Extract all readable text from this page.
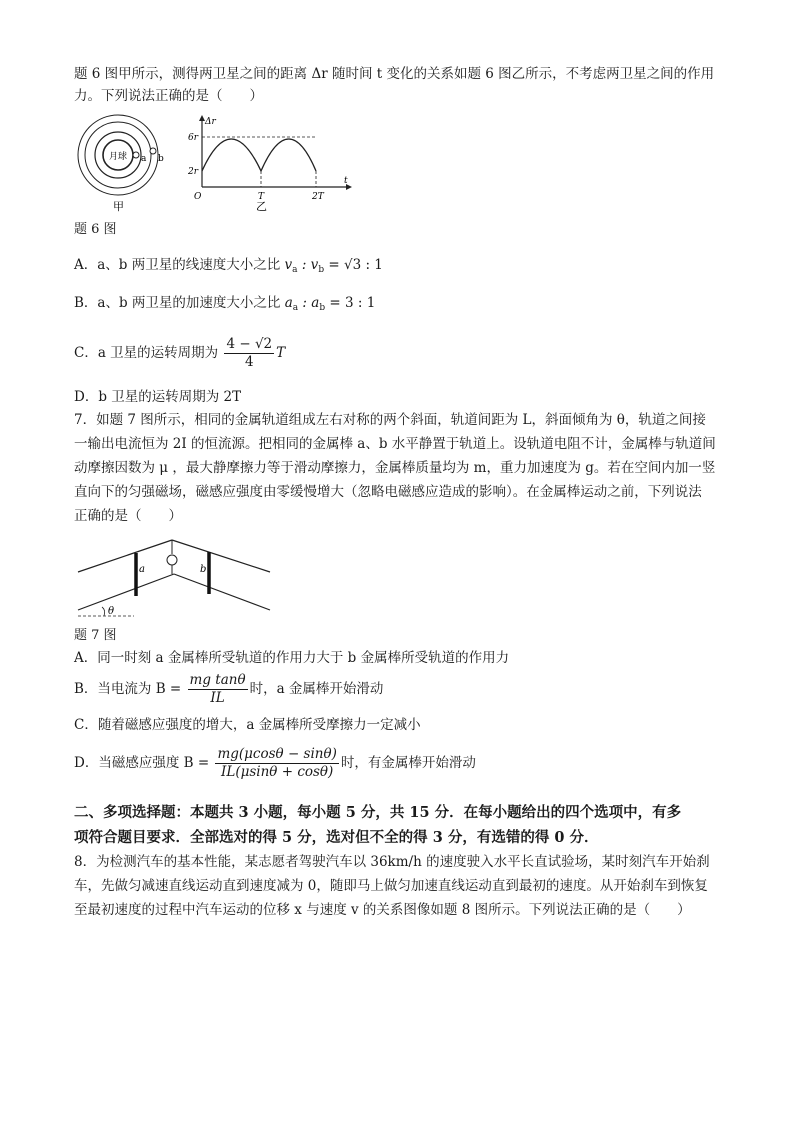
题 6 图甲所示，测得两卫星之间的距离 Δr 随时间 t 变化的关系如题 6 图乙所示，不考虑两卫星之间的作用
力。下列说法正确的是（　　）
月球 a b
甲
Δr
t
6r
2r
O	T	2T
乙
题 6 图
A．a、b 两卫星的线速度大小之比 $v_a$ : $v_b = √3$ : 1
B．a、b 两卫星的加速度大小之比 $a_a$ : $a_b = 3$ : 1
C．a 卫星的运转周期为 $\frac{4 - √2}{4}$ T
D．b 卫星的运转周期为 2T
7．如题 7 图所示，相同的金属轨道组成左右对称的两个斜面，轨道间距为 L，斜面倾角为 θ，轨道之间接
一输出电流恒为 2I 的恒流源。把相同的金属棒 a、b 水平静置于轨道上。设轨道电阻不计，金属棒与轨道间
动摩擦因数为 μ ，最大静摩擦力等于滑动摩擦力，金属棒质量均为 m，重力加速度为 g。若在空间内加一竖
直向下的匀强磁场，磁感应强度由零缓慢增大（忽略电磁感应造成的影响）。在金属棒运动之前，下列说法
正确的是（　　）
a	b
θ
题 7 图
A．同一时刻 a 金属棒所受轨道的作用力大于 b 金属棒所受轨道的作用力
B．当电流为 $B = \frac{\text{mg tanθ}}{IL}$ 时，a 金属棒开始滑动
C．随着磁感应强度的增大，a 金属棒所受摩擦力一定减小
D．当磁感应强度 $B = \frac{mg(\mu\cos\theta - \sin\theta)}{IL(\mu\sin\theta + \cos\theta)}$ 时，有金属棒开始滑动
二、多项选择题：本题共 3 小题，每小题 5 分，共 15 分．在每小题给出的四个选项中，有多
项符合题目要求．全部选对的得 5 分，选对但不全的得 3 分，有选错的得 0 分．
8．为检测汽车的基本性能，某志愿者驾驶汽车以 36km/h 的速度驶入水平长直试验场，某时刻汽车开始刹
车，先做匀减速直线运动直到速度减为 0，随即马上做匀加速直线运动直到最初的速度。从开始刹车到恢复
至最初速度的过程中汽车运动的位移 x 与速度 v 的关系图像如题 8 图所示。下列说法正确的是（　　）
